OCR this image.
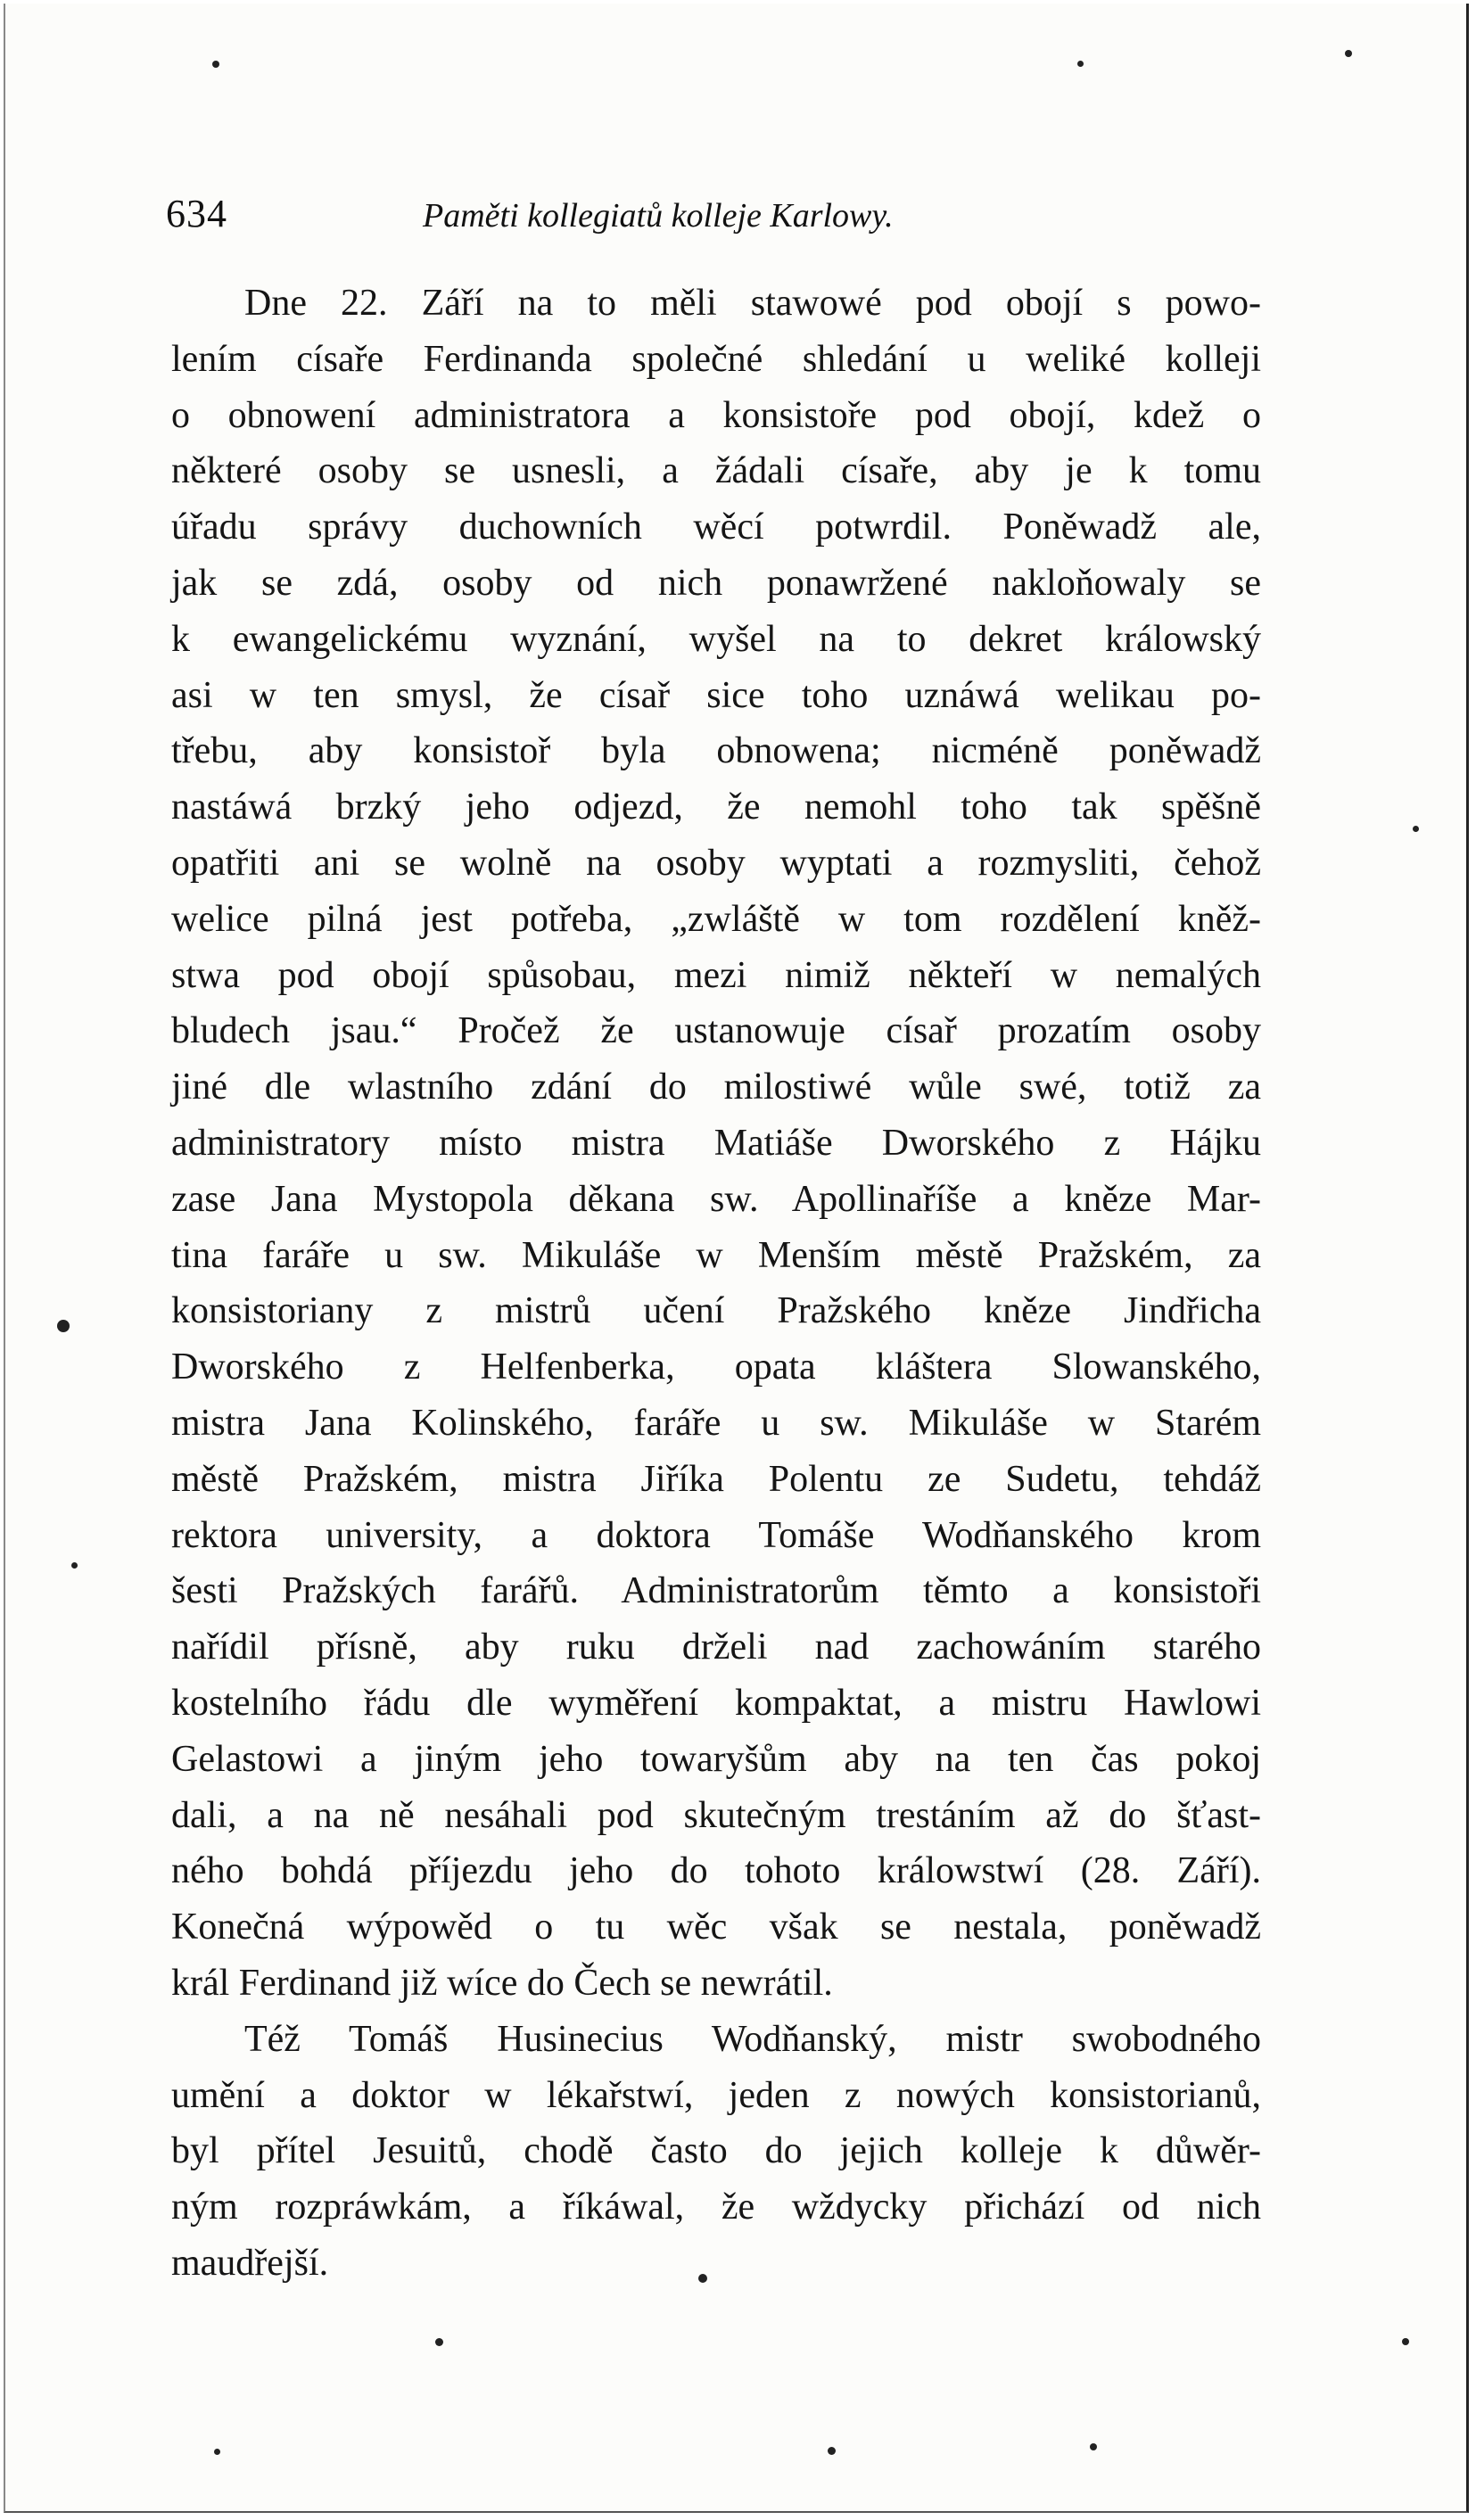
634	Paměti kollegiatů kolleje Karlowy.
Dne 22. Září na to měli stawowé pod obojí s powo-
lením císaře Ferdinanda společné shledání u weliké kolleji
o obnowení administratora a konsistoře pod obojí, kdež o
některé osoby se usnesli, a žádali císaře, aby je k tomu
úřadu správy duchowních wěcí potwrdil. Poněwadž ale,
jak se zdá, osoby od nich ponawržené nakloňowaly se
k ewangelickému wyznání, wyšel na to dekret králowský
asi w ten smysl, že císař sice toho uznáwá welikau po-
třebu, aby konsistoř byla obnowena; nicméně poněwadž
nastáwá brzký jeho odjezd, že nemohl toho tak spěšně
opatřiti ani se wolně na osoby wyptati a rozmysliti, čehož
welice pilná jest potřeba, „zwláště w tom rozdělení kněž-
stwa pod obojí spůsobau, mezi nimiž někteří w nemalých
bludech jsau.“ Pročež že ustanowuje císař prozatím osoby
jiné dle wlastního zdání do milostiwé wůle swé, totiž za
administratory místo mistra Matiáše Dworského z Hájku
zase Jana Mystopola děkana sw. Apollinaříše a kněze Mar-
tina faráře u sw. Mikuláše w Menším městě Pražském, za
konsistoriany z mistrů učení Pražského kněze Jindřicha
Dworského z Helfenberka, opata kláštera Slowanského,
mistra Jana Kolinského, faráře u sw. Mikuláše w Starém
městě Pražském, mistra Jiříka Polentu ze Sudetu, tehdáž
rektora university, a doktora Tomáše Wodňanského krom
šesti Pražských farářů. Administratorům těmto a konsistoři
nařídil přísně, aby ruku drželi nad zachowáním starého
kostelního řádu dle wyměření kompaktat, a mistru Hawlowi
Gelastowi a jiným jeho towaryšům aby na ten čas pokoj
dali, a na ně nesáhali pod skutečným trestáním až do šťast-
ného bohdá příjezdu jeho do tohoto králowstwí (28. Září).
Konečná wýpowěd o tu wěc však se nestala, poněwadž
král Ferdinand již wíce do Čech se newrátil.
Též Tomáš Husinecius Wodňanský, mistr swobodného
umění a doktor w lékařstwí, jeden z nowých konsistorianů,
byl přítel Jesuitů, chodě často do jejich kolleje k důwěr-
ným rozpráwkám, a říkáwal, že wždycky přichází od nich
maudřejší.
